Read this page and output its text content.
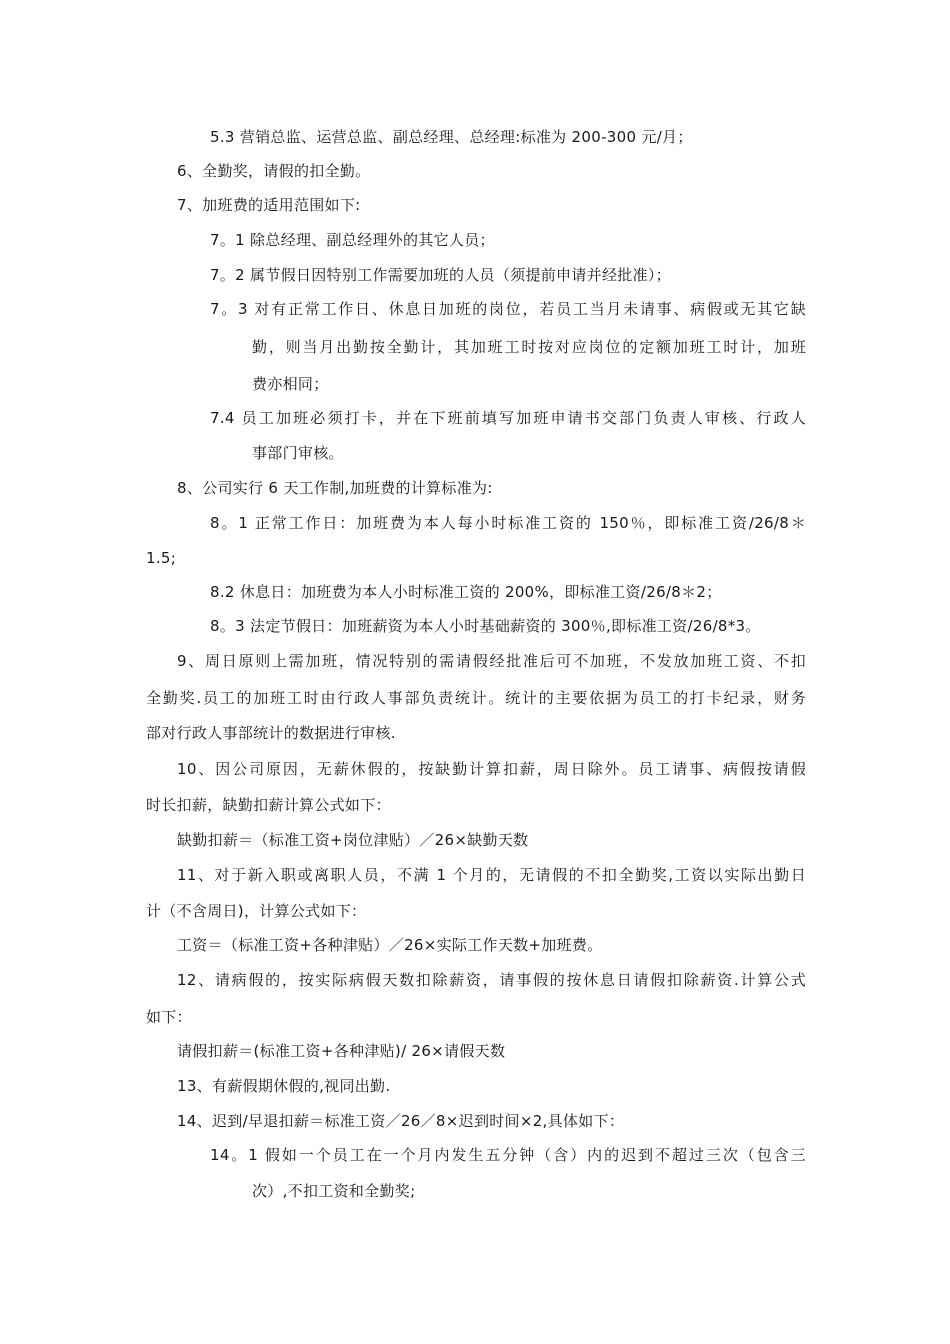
5.3 营销总监、运营总监、副总经理、总经理:标准为 200-300 元/月；
6、全勤奖，请假的扣全勤。
7、加班费的适用范围如下:
7。1 除总经理、副总经理外的其它人员；
7。2 属节假日因特别工作需要加班的人员（须提前申请并经批准）；
7。3 对有正常工作日、休息日加班的岗位，若员工当月未请事、病假或无其它缺
勤，则当月出勤按全勤计，其加班工时按对应岗位的定额加班工时计，加班
费亦相同；
7.4 员工加班必须打卡，并在下班前填写加班申请书交部门负责人审核、行政人
事部门审核。
8、公司实行 6 天工作制,加班费的计算标准为:
8。1 正常工作日：加班费为本人每小时标准工资的 150％，即标准工资/26/8＊
1.5;
8.2 休息日：加班费为本人小时标准工资的 200%，即标准工资/26/8＊2；
8。3 法定节假日：加班薪资为本人小时基础薪资的 300％,即标准工资/26/8*3。
9、周日原则上需加班，情况特别的需请假经批准后可不加班，不发放加班工资、不扣
全勤奖.员工的加班工时由行政人事部负责统计。统计的主要依据为员工的打卡纪录，财务
部对行政人事部统计的数据进行审核.
10、因公司原因，无薪休假的，按缺勤计算扣薪，周日除外。员工请事、病假按请假
时长扣薪，缺勤扣薪计算公式如下：
缺勤扣薪＝（标准工资+岗位津贴）／26×缺勤天数
11、对于新入职或离职人员，不满 1 个月的，无请假的不扣全勤奖,工资以实际出勤日
计（不含周日)，计算公式如下：
工资＝（标准工资+各种津贴）／26×实际工作天数+加班费。
12、请病假的，按实际病假天数扣除薪资，请事假的按休息日请假扣除薪资.计算公式
如下：
请假扣薪＝(标准工资+各种津贴)/ 26×请假天数
13、有薪假期休假的,视同出勤.
14、迟到/早退扣薪＝标准工资／26／8×迟到时间×2,具体如下：
14。1 假如一个员工在一个月内发生五分钟（含）内的迟到不超过三次（包含三
次）,不扣工资和全勤奖;
